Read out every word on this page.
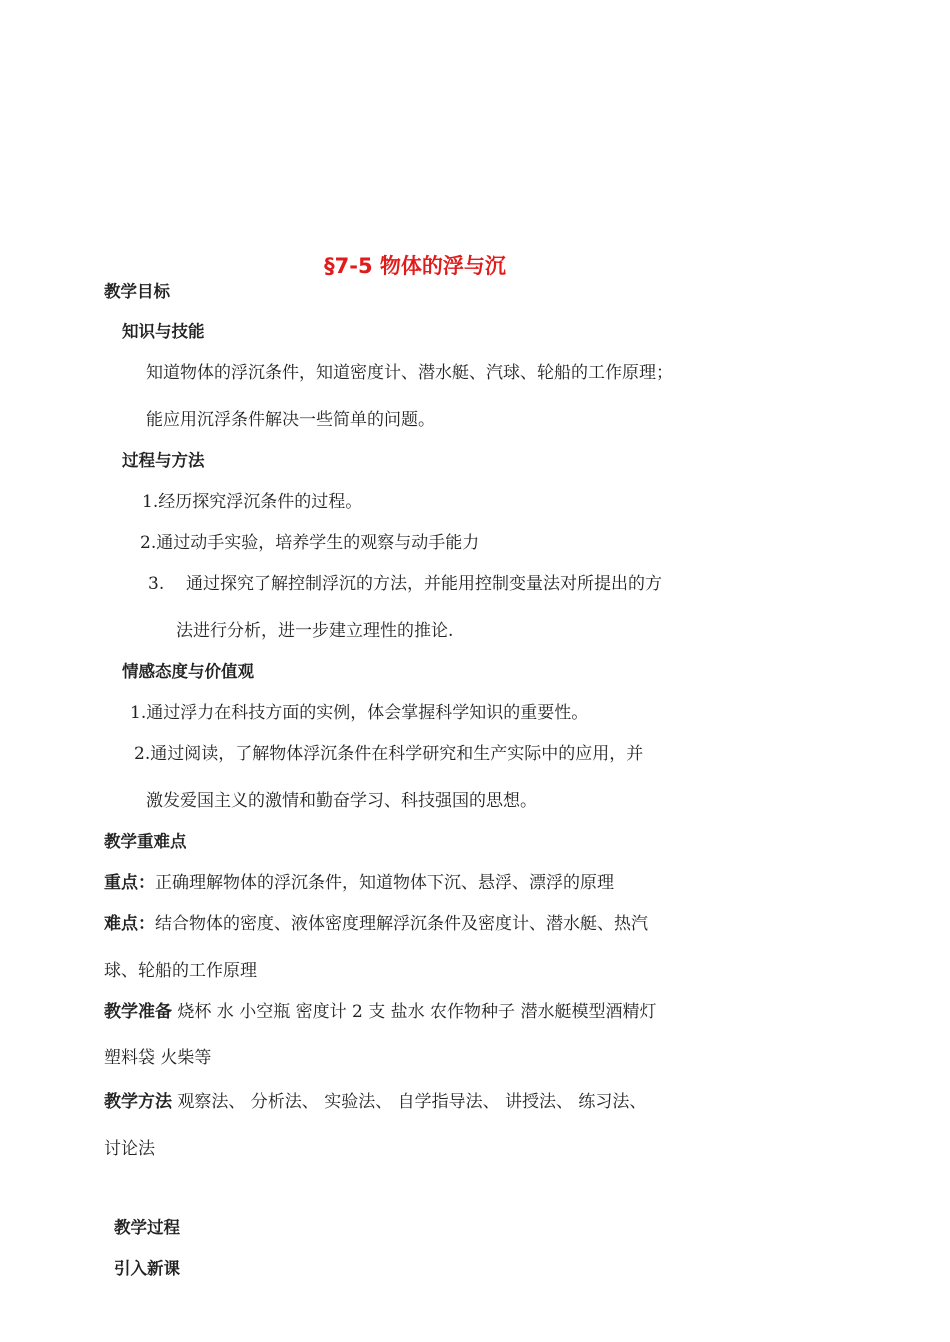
§7-5 物体的浮与沉
教学目标
知识与技能
知道物体的浮沉条件，知道密度计、潜水艇、汽球、轮船的工作原理；
能应用沉浮条件解决一些简单的问题。
过程与方法
1.经历探究浮沉条件的过程。
2.通过动手实验，培养学生的观察与动手能力
3. 通过探究了解控制浮沉的方法，并能用控制变量法对所提出的方
法进行分析，进一步建立理性的推论.
情感态度与价值观
1.通过浮力在科技方面的实例，体会掌握科学知识的重要性。
2.通过阅读，了解物体浮沉条件在科学研究和生产实际中的应用，并
激发爱国主义的激情和勤奋学习、科技强国的思想。
教学重难点
重点：正确理解物体的浮沉条件，知道物体下沉、悬浮、漂浮的原理
难点：结合物体的密度、液体密度理解浮沉条件及密度计、潜水艇、热汽
球、轮船的工作原理
教学准备 烧杯 水 小空瓶 密度计 2 支 盐水 农作物种子 潜水艇模型酒精灯
塑料袋 火柴等
教学方法 观察法、 分析法、 实验法、 自学指导法、 讲授法、 练习法、
讨论法
教学过程
引入新课
